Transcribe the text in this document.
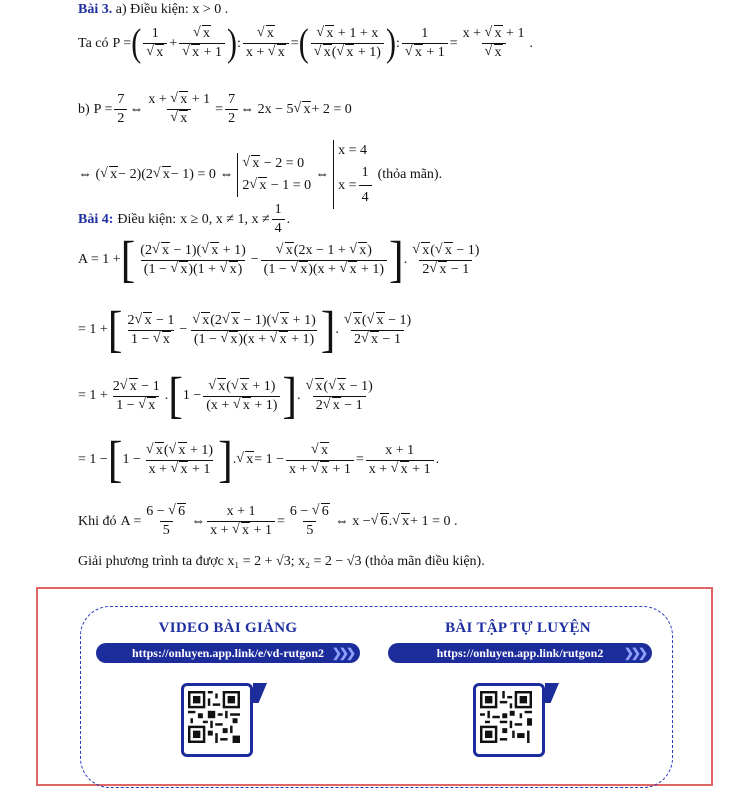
Bài 3. a) Điều kiện: x > 0 .
Ta có P = ( 1
√ x + √ x
√ x + 1 ) : √ $\frac{x}{x + √ x}$ = ( √ x + 1 + x
√ x( √ x + 1) ) : 1
√ x + 1 = x + √ x + 1
√ x .
b) $P = \frac{7}{2}$ ⇔ x + √ x + 1
√ $x = \frac{7}{2}$ ⇔ 2x − 5 √ x + 2 = 0
⇔ ( √ x − 2)(2 √ x − 1) = 0 ⇔
√ x − 2 = 0
2 √ x − 1 = 0
⇔
x = 4
$x = \frac{1}{4}$ (thỏa mãn).
Bài 4: Điều kiện: x ≥ 0, x ≠ 1, $x \ne \frac{1}{4}$ .
A = 1 + [ $\frac{(2 √ x - 1)( √ x + 1)}{(1 - √ x)(1 + √ x)}$ − √ $\frac{x(2x - 1 + √ x)}{(1 - √ x)(x + √ x + 1)}$ ] . √ $\frac{x( √ x - 1)}{2 √ x - 1}$
= 1 + [ $\frac{2 √ x - 1}{1 - √ x}$ − √ $\frac{x(2 √ x - 1)( √ x + 1)}{(1 - √ x)(x + √ x + 1)}$ ] . √ $\frac{x( √ x - 1)}{2 √ x - 1}$
= $1 + \frac{2 √ x - 1}{1 - √ x}$ . [ 1 − √ $\frac{x( √ x + 1)}{(x + √ x + 1)}$ ] . √ $\frac{x( √ x - 1)}{2 √ x - 1}$
= 1 − [ 1 − √ $\frac{x( √ x + 1)}{x + √ x + 1}$ ] . √ x = 1 − √ $\frac{x}{x + √ x + 1} = \frac{x + 1}{x + √ x + 1}$ .
Khi đó $A = \frac{6 - √ 6}{5}$ ⇔ $\frac{x + 1}{x + √ x + 1} = \frac{6 - √ 6}{5}$ ⇔ x − √ 6 . √ x + 1 = 0 .
Giải phương trình ta được x₁ = 2 + √3; x₂ = 2 − √3 (thỏa mãn điều kiện).
VIDEO BÀI GIẢNG
https://onluyen.app.link/e/vd-rutgon2 ❯❯❯
BÀI TẬP TỰ LUYỆN
https://onluyen.app.link/rutgon2 ❯❯❯
